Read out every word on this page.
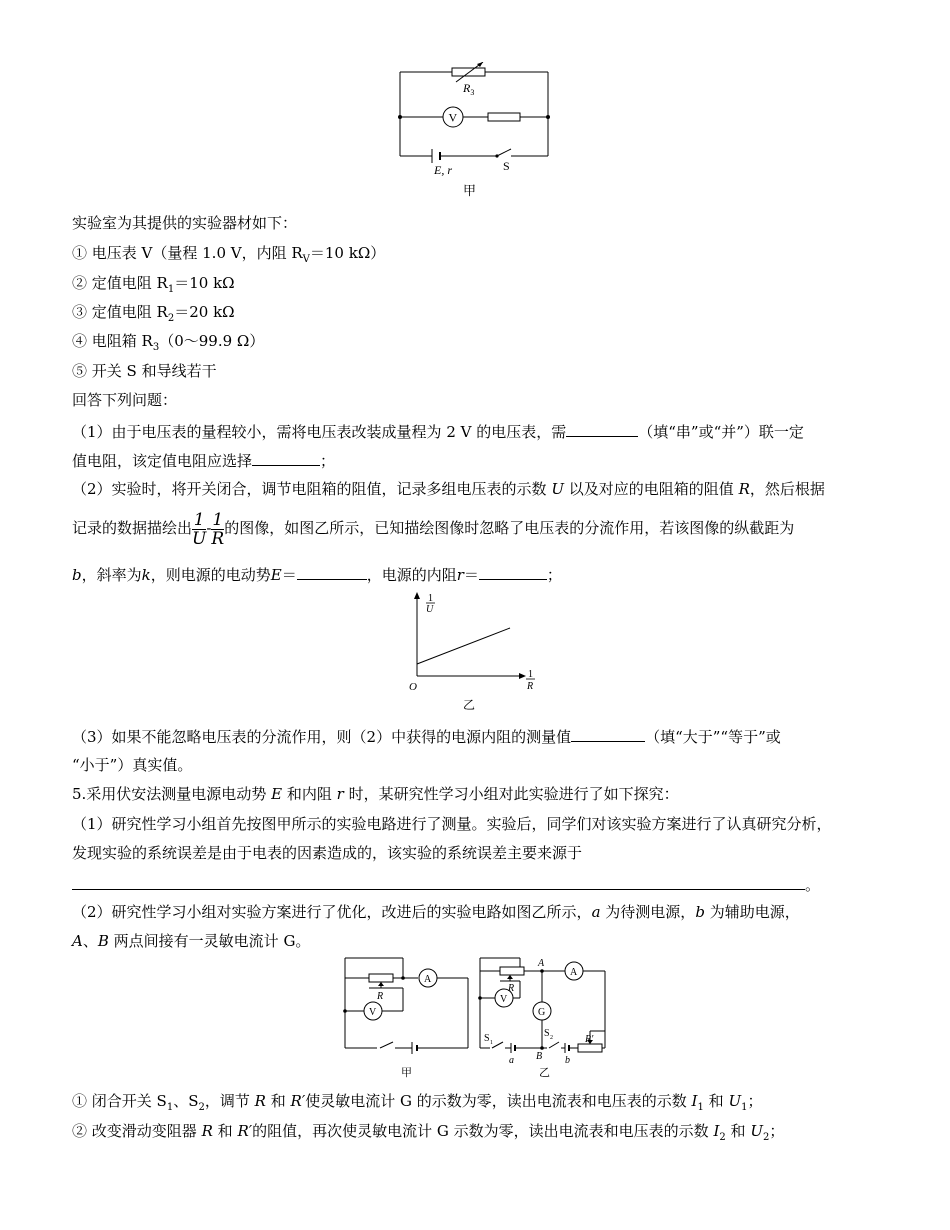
$R_3$
V
E, r	S
甲
实验室为其提供的实验器材如下：
① 电压表 V（量程 1.0 V，内阻 $R_V=10$ kΩ）
② 定值电阻 $R_1=10$ kΩ
③ 定值电阻 $R_2=20$ kΩ
④ 电阻箱 $R_3(0\sim 99.9$ Ω）
⑤ 开关 S 和导线若干
回答下列问题：
（1）由于电压表的量程较小，需将电压表改装成量程为 2 V 的电压表，需	（填“串”或“并”）联一定
值电阻，该定值电阻应选择	；
（2）实验时，将开关闭合，调节电阻箱的阻值，记录多组电压表的示数 U 以及对应的电阻箱的阻值 R，然后根据
记录的数据描绘出 $\frac{1}{U} - \frac{1}{R}$ 的图像，如图乙所示，已知描绘图像时忽略了电压表的分流作用，若该图像的纵截距为
b，斜率为k，则电源的电动势E＝	，电源的内阻r＝	；
1
U
1
R
O
乙
（3）如果不能忽略电压表的分流作用，则（2）中获得的电源内阻的测量值	（填“大于”“等于”或
“小于”）真实值。
5.采用伏安法测量电源电动势 E 和内阻 r 时，某研究性学习小组对此实验进行了如下探究：
（1）研究性学习小组首先按图甲所示的实验电路进行了测量。实验后，同学们对该实验方案进行了认真研究分析，
发现实验的系统误差是由于电表的因素造成的，该实验的系统误差主要来源于
。
（2）研究性学习小组对实验方案进行了优化，改进后的实验电路如图乙所示，a 为待测电源，b 为辅助电源，
A、B 两点间接有一灵敏电流计 G。
R
A
V
甲
R
A
V
G
A
B
S 1
S 2
a	b
R′
乙
① 闭合开关 $S_1$、$S_2$，调节 R 和 R′使灵敏电流计 G 的示数为零，读出电流表和电压表的示数 $I_1$ 和 $U_1$；
② 改变滑动变阻器 R 和 R′的阻值，再次使灵敏电流计 G 示数为零，读出电流表和电压表的示数 $I_2$ 和 $U_2$；
